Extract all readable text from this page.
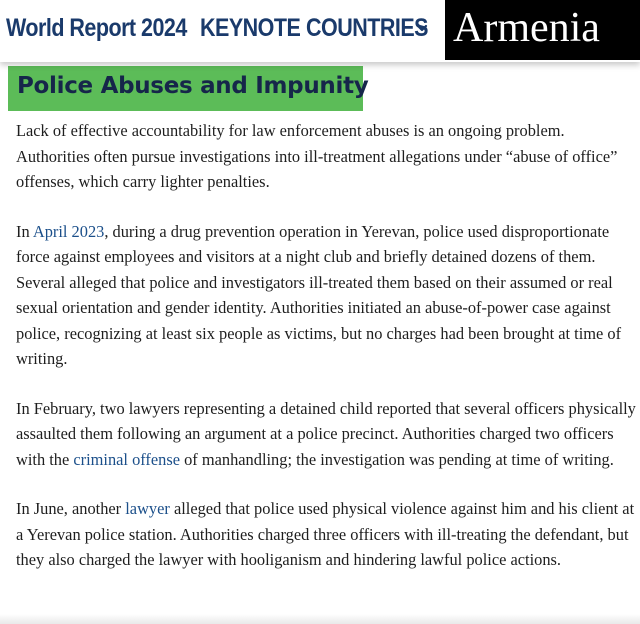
World Report 2024 KEYNOTE COUNTRIES Armenia
Police Abuses and Impunity

Lack of effective accountability for law enforcement abuses is an ongoing problem. Authorities often pursue investigations into ill-treatment allegations under “abuse of office” offenses, which carry lighter penalties.

In April 2023, during a drug prevention operation in Yerevan, police used disproportionate force against employees and visitors at a night club and briefly detained dozens of them. Several alleged that police and investigators ill-treated them based on their assumed or real sexual orientation and gender identity. Authorities initiated an abuse-of-power case against police, recognizing at least six people as victims, but no charges had been brought at time of writing.

In February, two lawyers representing a detained child reported that several officers physically assaulted them following an argument at a police precinct. Authorities charged two officers with the criminal offense of manhandling; the investigation was pending at time of writing.

In June, another lawyer alleged that police used physical violence against him and his client at a Yerevan police station. Authorities charged three officers with ill-treating the defendant, but they also charged the lawyer with hooliganism and hindering lawful police actions.
